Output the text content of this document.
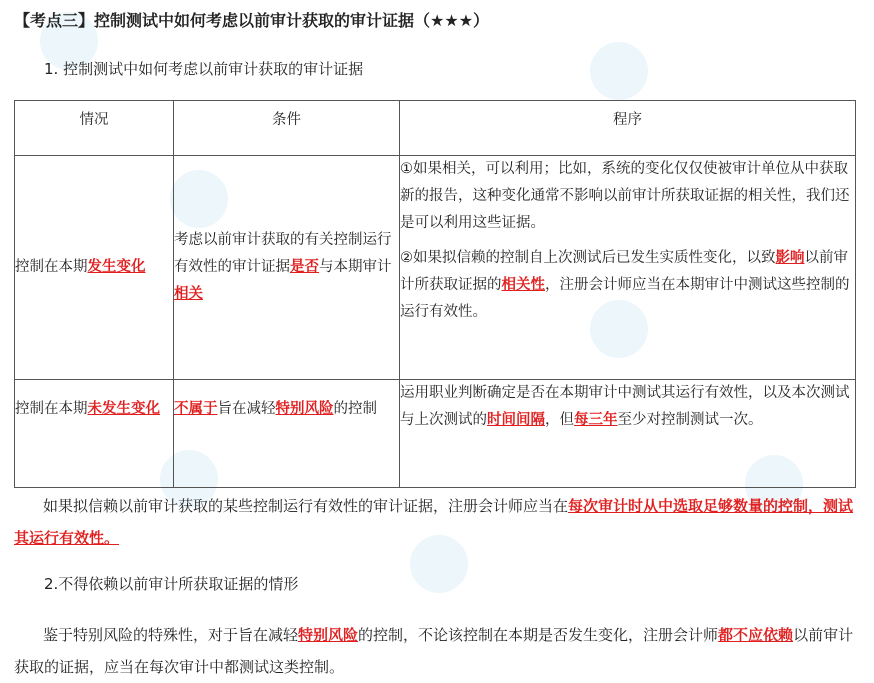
【考点三】控制测试中如何考虑以前审计获取的审计证据（★★★）
1. 控制测试中如何考虑以前审计获取的审计证据
情况	条件	程序
控制在本期发生变化	考虑以前审计获取的有关控制运行有效性的审计证据是否与本期审计相关	①如果相关，可以利用；比如，系统的变化仅仅使被审计单位从中获取新的报告，这种变化通常不影响以前审计所获取证据的相关性，我们还是可以利用这些证据。
②如果拟信赖的控制自上次测试后已发生实质性变化，以致影响以前审计所获取证据的相关性，注册会计师应当在本期审计中测试这些控制的运行有效性。

控制在本期未发生变化	不属于旨在减轻特别风险的控制	运用职业判断确定是否在本期审计中测试其运行有效性，以及本次测试与上次测试的时间间隔，但每三年至少对控制测试一次。
如果拟信赖以前审计获取的某些控制运行有效性的审计证据，注册会计师应当在每次审计时从中选取足够数量的控制，测试其运行有效性。
2.不得依赖以前审计所获取证据的情形
鉴于特别风险的特殊性，对于旨在减轻特别风险的控制，不论该控制在本期是否发生变化，注册会计师都不应依赖以前审计获取的证据，应当在每次审计中都测试这类控制。
